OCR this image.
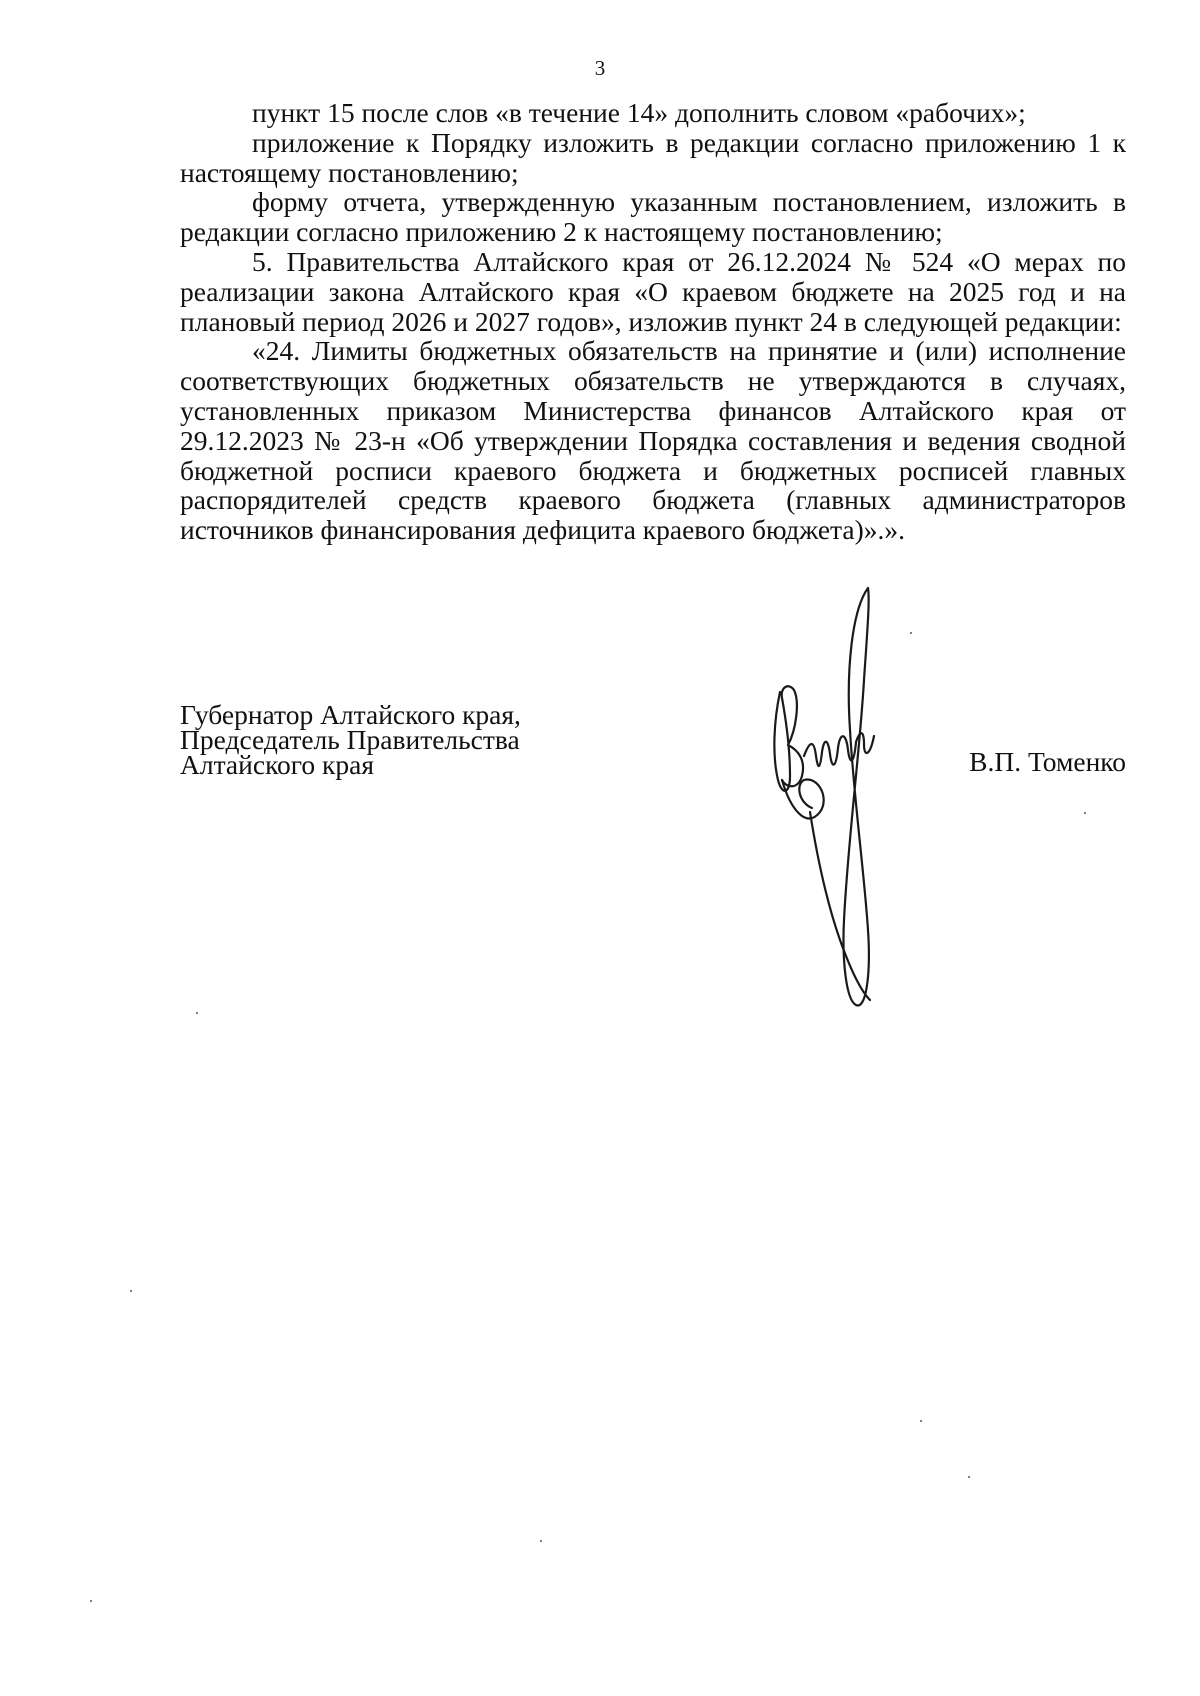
3

пункт 15 после слов «в течение 14» дополнить словом «рабочих»;

приложение к Порядку изложить в редакции согласно приложению 1 к настоящему постановлению;

форму отчета, утвержденную указанным постановлением, изложить в редакции согласно приложению 2 к настоящему постановлению;

5. Правительства Алтайского края от 26.12.2024 № 524 «О мерах по реализации закона Алтайского края «О краевом бюджете на 2025 год и на плановый период 2026 и 2027 годов», изложив пункт 24 в следующей редакции:

«24. Лимиты бюджетных обязательств на принятие и (или) исполнение соответствующих бюджетных обязательств не утверждаются в случаях, установленных приказом Министерства финансов Алтайского края от 29.12.2023 № 23-н «Об утверждении Порядка составления и ведения сводной бюджетной росписи краевого бюджета и бюджетных росписей главных распорядителей средств краевого бюджета (главных администраторов источников финансирования дефицита краевого бюджета)».».

Губернатор Алтайского края,
Председатель Правительства
Алтайского края	В.П. Томенко
